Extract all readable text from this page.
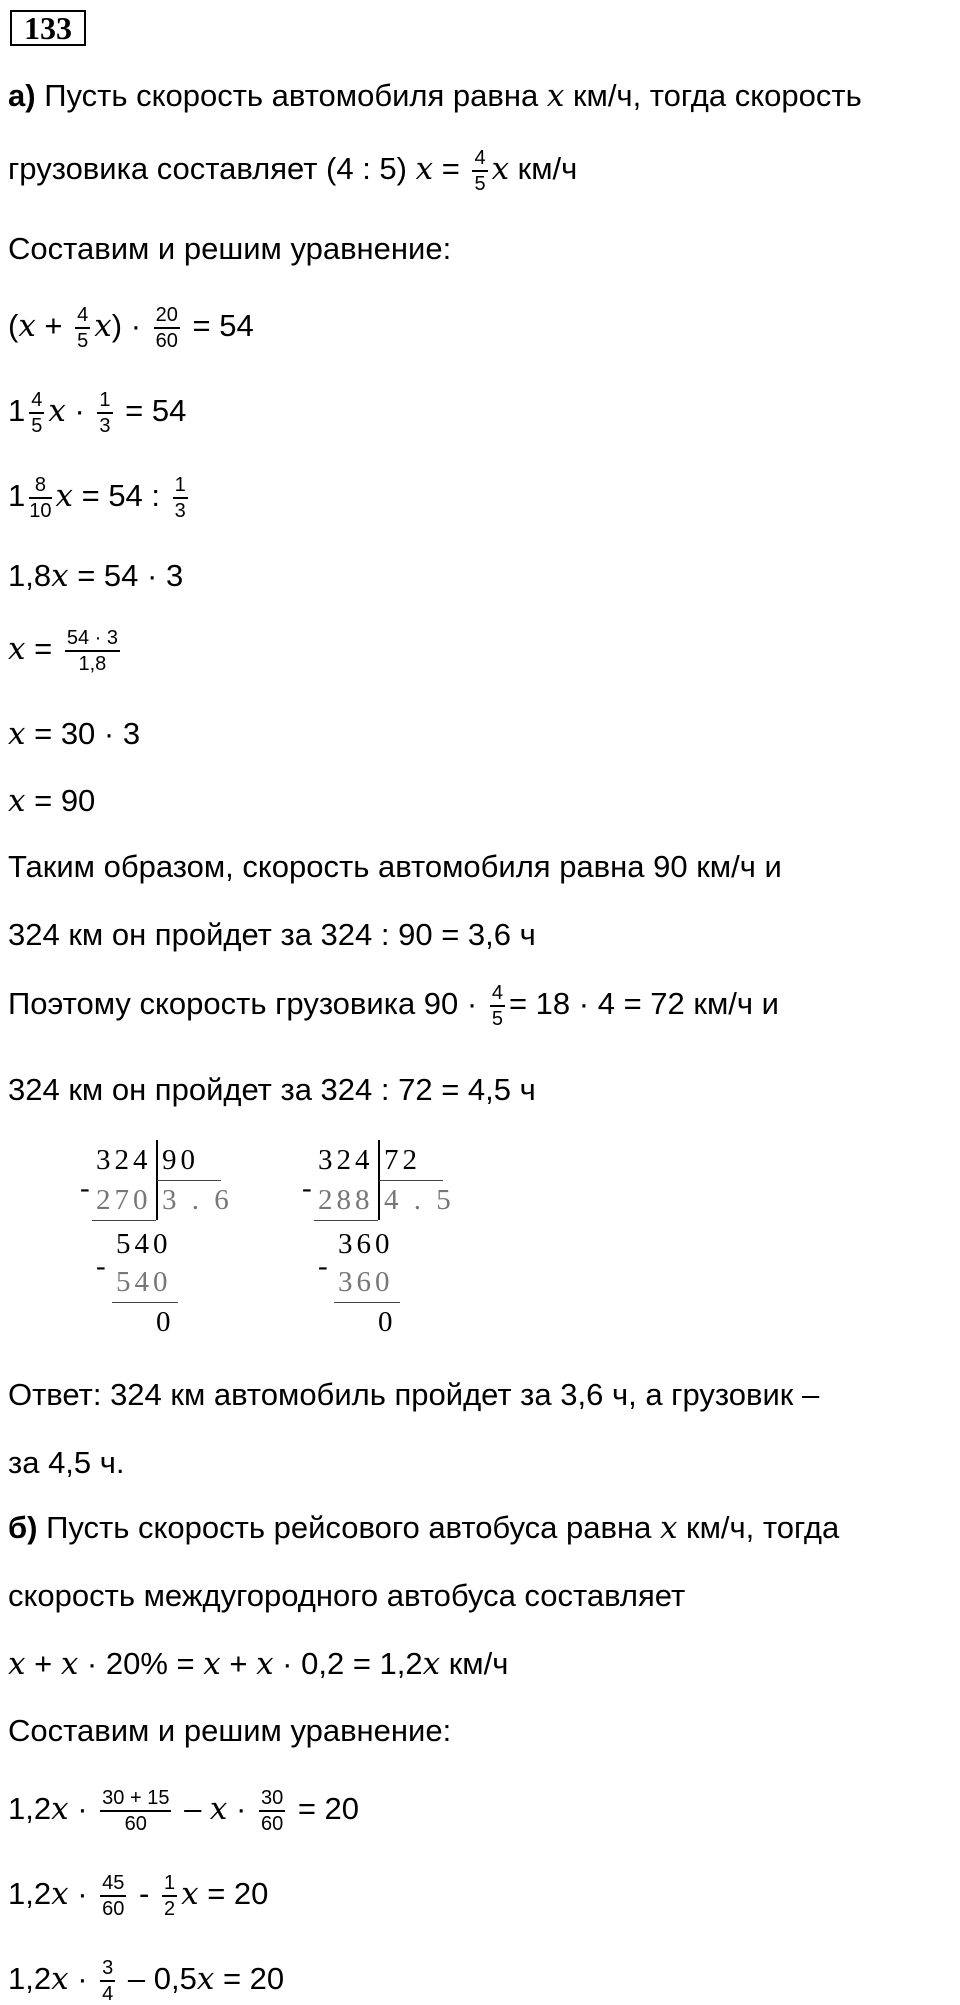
133
а) Пусть скорость автомобиля равна x км/ч, тогда скорость
грузовика составляет (4 : 5) $x = \frac{4}{5}$ x км/ч
Составим и решим уравнение:
$(x + \frac{4}{5} x) \cdot \frac{20}{60} = 54$
$1 \frac{4}{5}$ $x \cdot \frac{1}{3} = 54$
$1 \frac{8}{10}$ x = 54 : $\frac{1}{3}$
1,8x = 54 · 3
$x = \frac{54 \cdot 3}{1,8}$
x = 30 · 3
x = 90
Таким образом, скорость автомобиля равна 90 км/ч и
324 км он пройдет за 324 : 90 = 3,6 ч
Поэтому скорость грузовика $90 \cdot \frac{4}{5} = 18 \cdot 4 = 72$ км/ч и
324 км он пройдет за 324 : 72 = 4,5 ч
-
324 90
270 3 . 6
540
- 540
0
-
324 72
288 4 . 5
360
- 360
0
Ответ: 324 км автомобиль пройдет за 3,6 ч, а грузовик –
за 4,5 ч.
б) Пусть скорость рейсового автобуса равна x км/ч, тогда
скорость междугородного автобуса составляет
x + x · 20% = x + x · 0,2 = 1,2x км/ч
Составим и решим уравнение:
$1,2x \cdot \frac{30 + 15}{60} - x \cdot \frac{30}{60} = 20$
$1,2x \cdot \frac{45}{60} - \frac{1}{2}$ x = 20
$1,2x \cdot \frac{3}{4} - 0,5x = 20$
